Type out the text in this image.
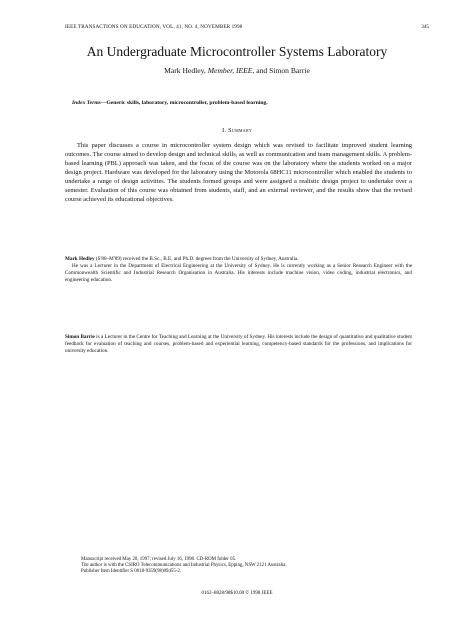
IEEE TRANSACTIONS ON EDUCATION, VOL. 41, NO. 4, NOVEMBER 1998	345
An Undergraduate Microcontroller Systems Laboratory
Mark Hedley, Member, IEEE, and Simon Barrie
Index Terms—Generic skills, laboratory, microcontroller, problem-based learning.
I. Summary

This paper discusses a course in microcontroller system design which was revised to facilitate improved student learning outcomes. The course aimed to develop design and technical skills, as well as communication and team management skills. A problem-based learning (PBL) approach was taken, and the focus of the course was on the laboratory where the students worked on a major design project. Hardware was developed for the laboratory using the Motorola 68HC11 microcontroller which enabled the students to undertake a range of design activities. The students formed groups and were assigned a realistic design project to undertake over a semester. Evaluation of this course was obtained from students, staff, and an external reviewer, and the results show that the revised course achieved its educational objectives.

Mark Hedley (S'88–M'89) received the B.Sc., B.E, and Ph.D. degrees from the University of Sydney, Australia.
He was a Lecturer in the Department of Electrical Engineering at the University of Sydney. He is currently working as a Senior Research Engineer with the Commonwealth Scientific and Industrial Research Organisation in Australia. His interests include machine vision, video coding, industrial electronics, and engineering education.

Simon Barrie is a Lecturer in the Centre for Teaching and Learning at the University of Sydney. His interests include the design of quantitative and qualitative student feedback for evaluation of teaching and courses, problem-based and experiential learning, competency-based standards for the professions, and implications for university education.

Manuscript received May 20, 1997; revised July 16, 1998. CD-ROM folder 05.
The author is with the CSIRO Telecommunications and Industrial Physics, Epping, NSW 2121 Australia.
Publisher Item Identifier S 0018-9359(98)09455-2.
0162–8828/98$10.00 © 1998 IEEE
